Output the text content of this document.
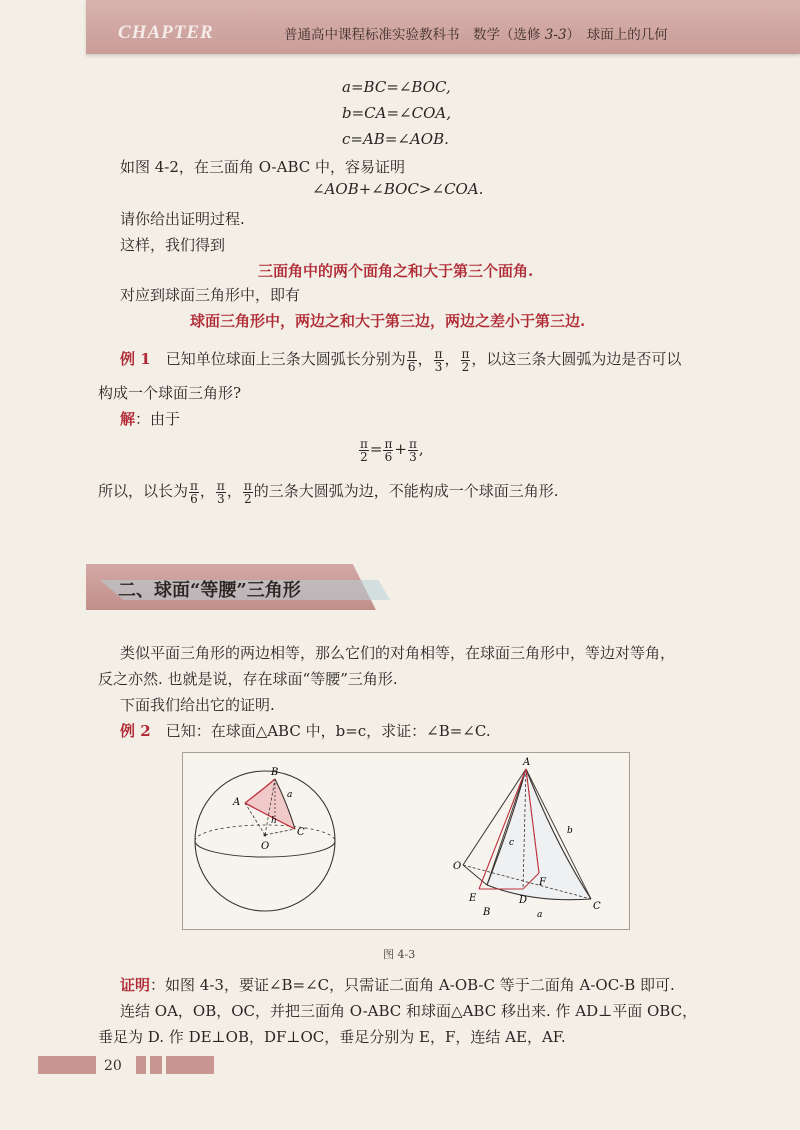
CHAPTER	普通高中课程标准实验教科书　数学（选修 3-3）　球面上的几何
a=BC=∠BOC,
b=CA=∠COA,
c=AB=∠AOB.
如图 4-2，在三面角 O-ABC 中，容易证明
∠AOB+∠BOC>∠COA.
请你给出证明过程.
这样，我们得到
三面角中的两个面角之和大于第三个面角.
对应到球面三角形中，即有
球面三角形中，两边之和大于第三边，两边之差小于第三边.
例 1　 已知单位球面上三条大圆弧长分别为 $\frac{\pi}{6}$ ， $\frac{\pi}{3}$ ， $\frac{\pi}{2}$ ，以这三条大圆弧为边是否可以
构成一个球面三角形?
解：由于
$\frac{\pi}{2} = \frac{\pi}{6} + \frac{\pi}{3}$ ,
所以，以长为 $\frac{\pi}{6}$ ， $\frac{\pi}{3}$ ， $\frac{\pi}{2}$ 的三条大圆弧为边，不能构成一个球面三角形.
二、球面“等腰”三角形
类似平面三角形的两边相等，那么它们的对角相等，在球面三角形中，等边对等角，
反之亦然. 也就是说，存在球面“等腰”三角形.
下面我们给出它的证明.
例 2　 已知：在球面△ABC 中，b=c，求证：∠B=∠C.
A
B
C
O
a
h
A
B
C
D
E
F
O
a
b
c
图 4-3
证明：如图 4-3，要证∠B=∠C，只需证二面角 A-OB-C 等于二面角 A-OC-B 即可.
连结 OA，OB，OC，并把三面角 O-ABC 和球面△ABC 移出来. 作 AD⊥平面 OBC，
垂足为 D. 作 DE⊥OB，DF⊥OC，垂足分别为 E，F，连结 AE，AF.
20
